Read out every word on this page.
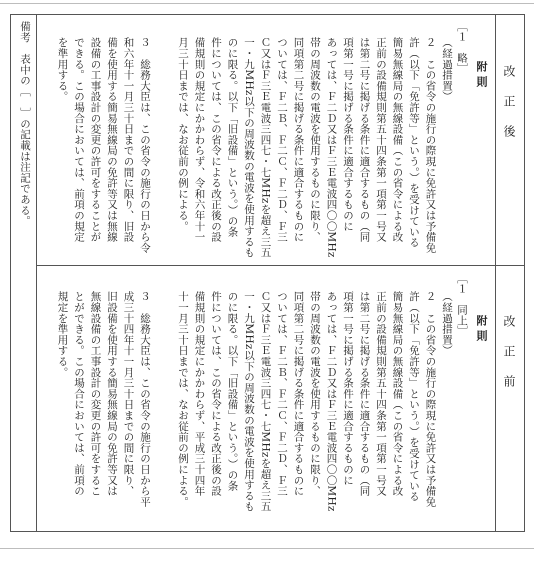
改正後
改正前
附則
附則
［１　略］
［１　同上］
（経過措置）
２　この省令の施行の際現に免許又は予備免
許（以下「免許等」という。）を受けている
簡易無線局の無線設備（この省令による改
正前の設備規則第五十四条第一項第一号又
は第二号に掲げる条件に適合するもの（同
項第一号に掲げる条件に適合するものに
あっては、Ｆ二Ｄ又はＦ三Ｅ電波四〇〇MHz
帯の周波数の電波を使用するものに限り、
同項第二号に掲げる条件に適合するものに
ついては、Ｆ二Ｂ、Ｆ二Ｃ、Ｆ二Ｄ、Ｆ三
Ｃ又はＦ三Ｅ電波三四七・七MHzを超え三五
一・九MHz以下の周波数の電波を使用するも
のに限る。以下「旧設備」という。）の条
件については、この省令による改正後の設
備規則の規定にかかわらず、令和六年十一
月三十日までは、なお従前の例による。
３　総務大臣は、この省令の施行の日から令
和六年十一月三十日までの間に限り、旧設
備を使用する簡易無線局の免許等又は無線
設備の工事設計の変更の許可をすることが
できる。この場合においては、前項の規定
を準用する。
備考　表中の［　］の記載は注記である。
（経過措置）
２　この省令の施行の際現に免許又は予備免
許（以下「免許等」という。）を受けている
簡易無線局の無線設備（この省令による改
正前の設備規則第五十四条第一項第一号又
は第二号に掲げる条件に適合するもの（同
項第一号に掲げる条件に適合するものに
あっては、Ｆ二Ｄ又はＦ三Ｅ電波四〇〇MHz
帯の周波数の電波を使用するものに限り、
同項第二号に掲げる条件に適合するものに
ついては、Ｆ二Ｂ、Ｆ二Ｃ、Ｆ二Ｄ、Ｆ三
Ｃ又はＦ三Ｅ電波三四七・七MHzを超え三五
一・九MHz以下の周波数の電波を使用するも
のに限る。以下「旧設備」という。）の条
件については、この省令による改正後の設
備規則の規定にかかわらず、平成三十四年
十一月三十日までは、なお従前の例による。
３　総務大臣は、この省令の施行の日から平
成三十四年十一月三十日までの間に限り、
旧設備を使用する簡易無線局の免許等又は
無線設備の工事設計の変更の許可をするこ
とができる。この場合においては、前項の
規定を準用する。
